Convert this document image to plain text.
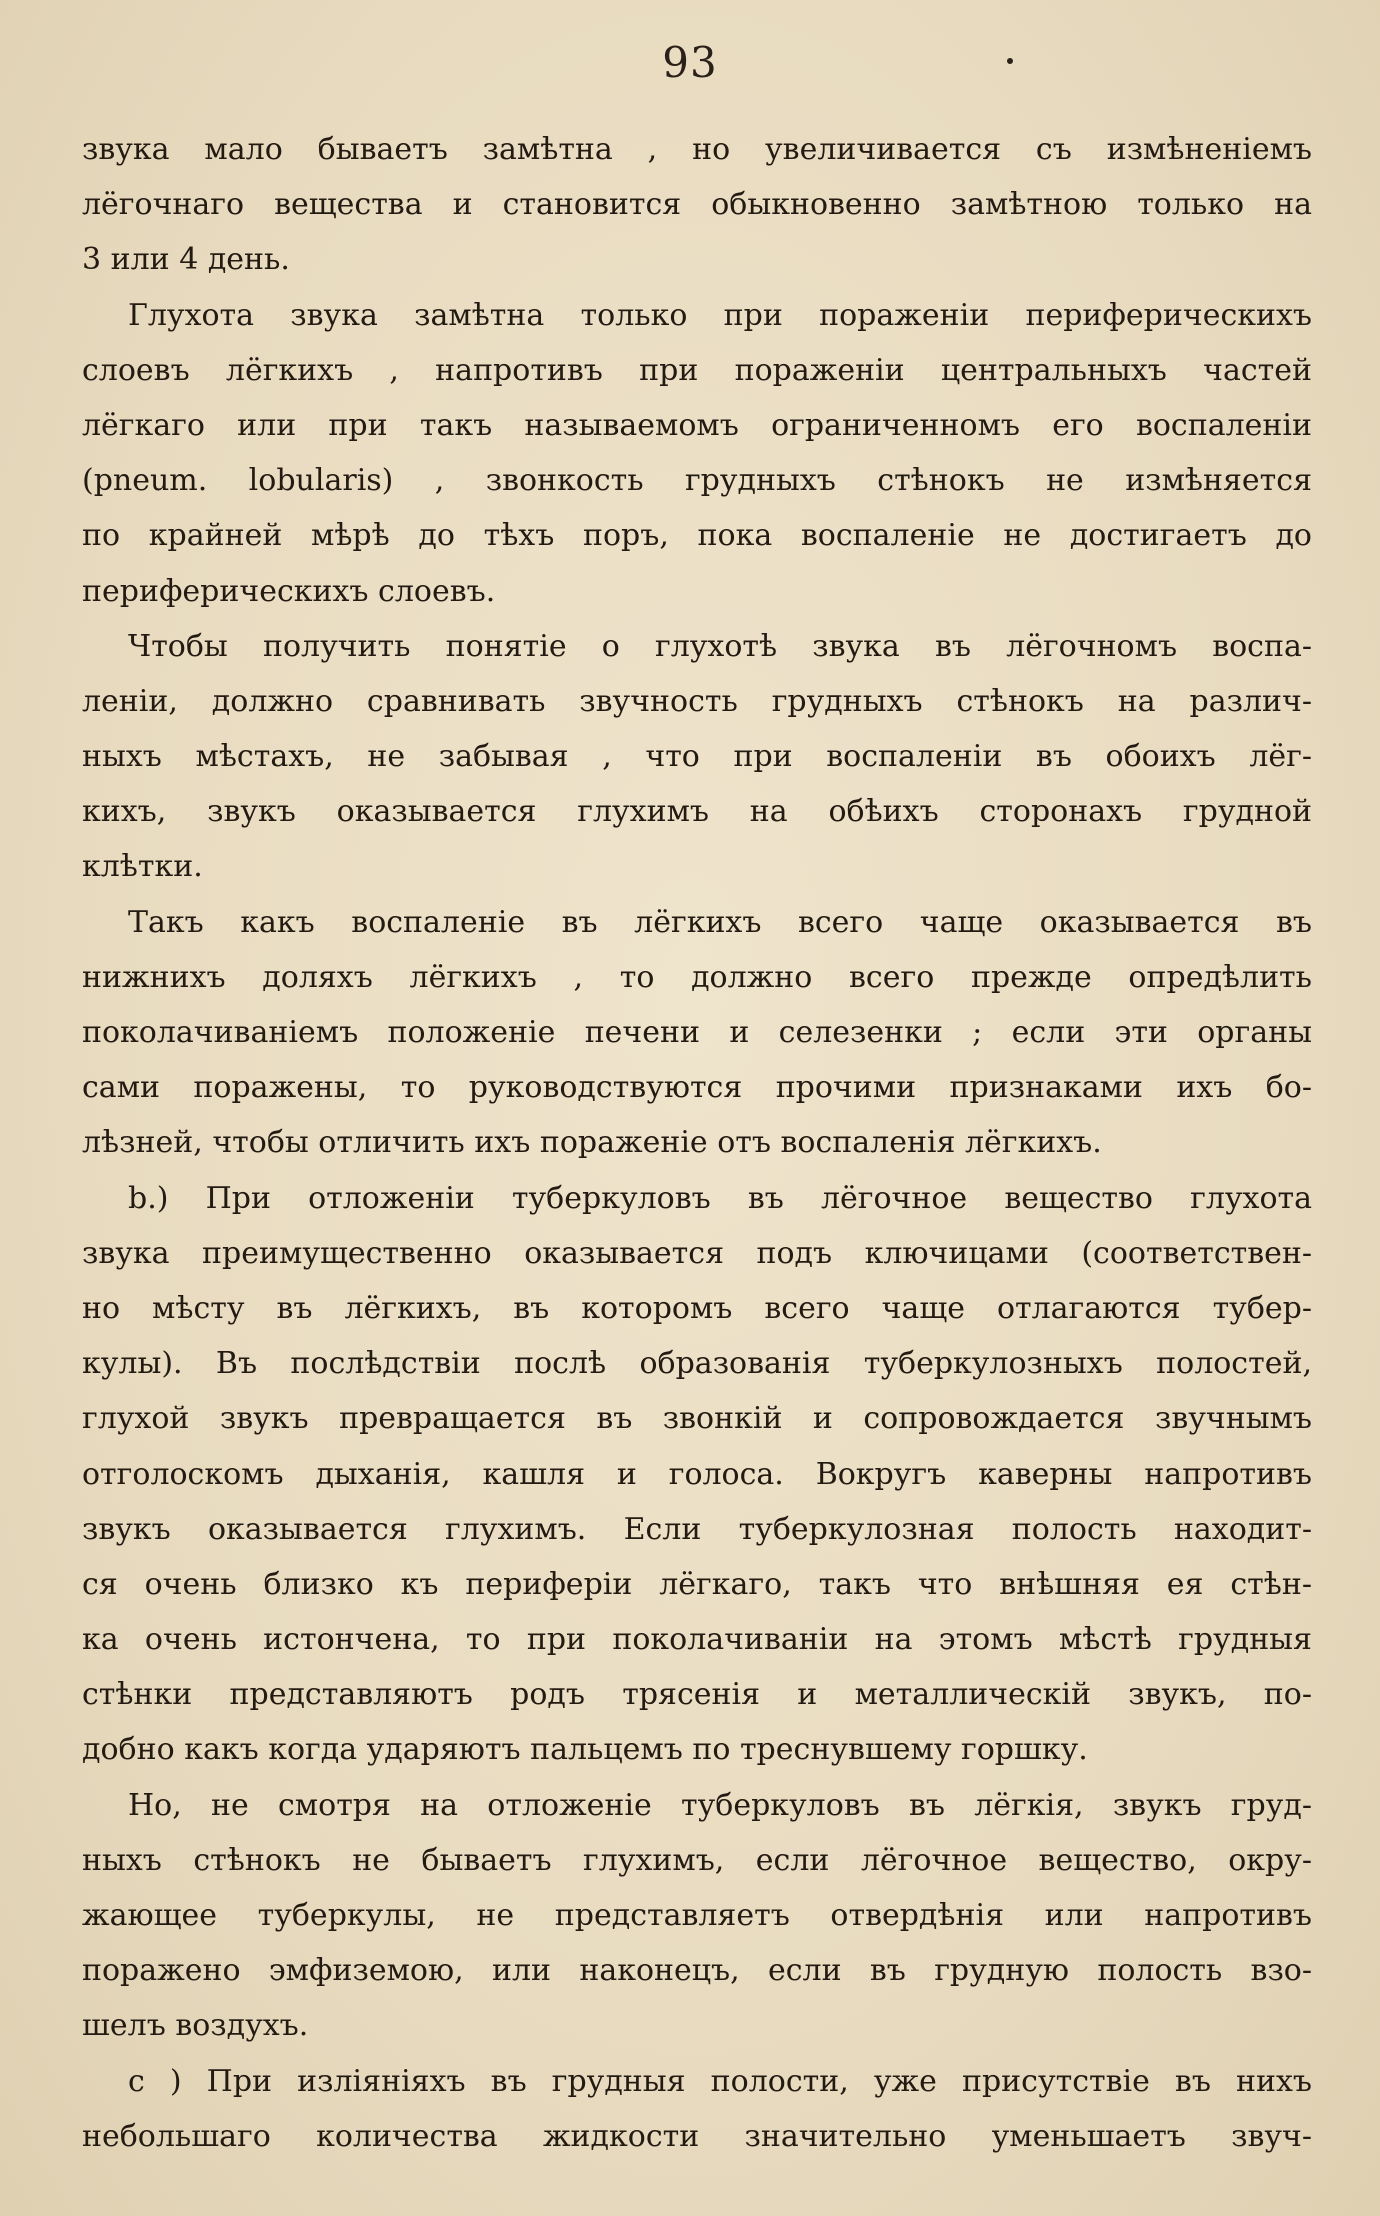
93
звука мало бываетъ замѣтна , но увеличивается съ измѣненіемъ
лёгочнаго вещества и становится обыкновенно замѣтною только на
3 или 4 день.
Глухота звука замѣтна только при пораженіи периферическихъ
слоевъ лёгкихъ , напротивъ при пораженіи центральныхъ частей
лёгкаго или при такъ называемомъ ограниченномъ его воспаленіи
(pneum. lobularis) , звонкость грудныхъ стѣнокъ не измѣняется
по крайней мѣрѣ до тѣхъ поръ, пока воспаленіе не достигаетъ до
периферическихъ слоевъ.
Чтобы получить понятіе о глухотѣ звука въ лёгочномъ воспа-
леніи, должно сравнивать звучность грудныхъ стѣнокъ на различ-
ныхъ мѣстахъ, не забывая , что при воспаленіи въ обоихъ лёг-
кихъ, звукъ оказывается глухимъ на обѣихъ сторонахъ грудной
клѣтки.
Такъ какъ воспаленіе въ лёгкихъ всего чаще оказывается въ
нижнихъ доляхъ лёгкихъ , то должно всего прежде опредѣлить
поколачиваніемъ положеніе печени и селезенки ; если эти органы
сами поражены, то руководствуются прочими признаками ихъ бо-
лѣзней, чтобы отличить ихъ пораженіе отъ воспаленія лёгкихъ.
b.) При отложеніи туберкуловъ въ лёгочное вещество глухота
звука преимущественно оказывается подъ ключицами (соответствен-
но мѣсту въ лёгкихъ, въ которомъ всего чаще отлагаются тубер-
кулы). Въ послѣдствіи послѣ образованія туберкулозныхъ полостей,
глухой звукъ превращается въ звонкій и сопровождается звучнымъ
отголоскомъ дыханія, кашля и голоса. Вокругъ каверны напротивъ
звукъ оказывается глухимъ. Если туберкулозная полость находит-
ся очень близко къ периферіи лёгкаго, такъ что внѣшняя ея стѣн-
ка очень истончена, то при поколачиваніи на этомъ мѣстѣ грудныя
стѣнки представляютъ родъ трясенія и металлическій звукъ, по-
добно какъ когда ударяютъ пальцемъ по треснувшему горшку.
Но, не смотря на отложеніе туберкуловъ въ лёгкія, звукъ груд-
ныхъ стѣнокъ не бываетъ глухимъ, если лёгочное вещество, окру-
жающее туберкулы, не представляетъ отвердѣнія или напротивъ
поражено эмфиземою, или наконецъ, если въ грудную полость взо-
шелъ воздухъ.
c ) При изліяніяхъ въ грудныя полости, уже присутствіе въ нихъ
небольшаго количества жидкости значительно уменьшаетъ звуч-
